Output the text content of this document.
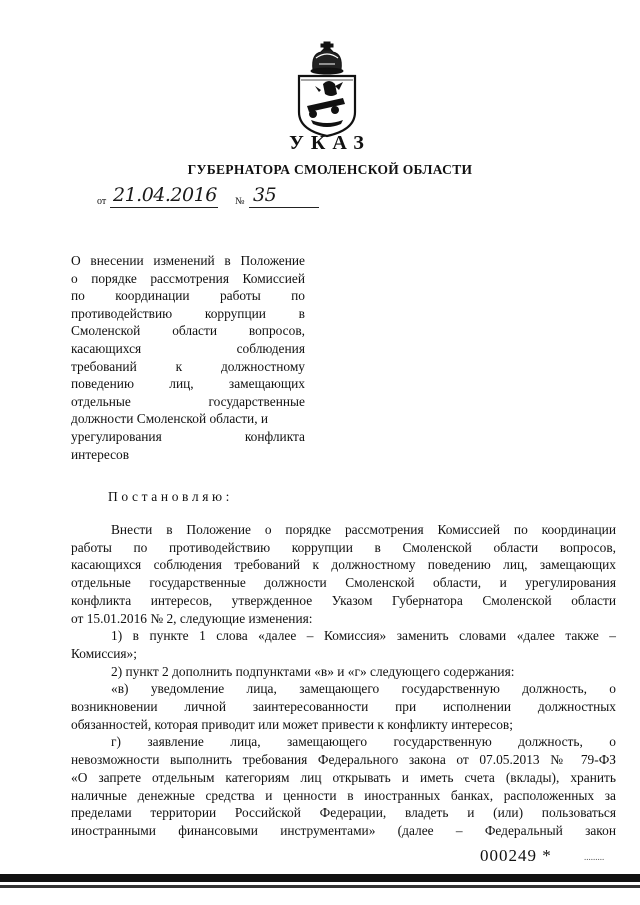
УКАЗ
ГУБЕРНАТОРА СМОЛЕНСКОЙ ОБЛАСТИ
от 21.04.2016 № 35
О внесении изменений в Положение
о порядке рассмотрения Комиссией
по координации работы по
противодействию коррупции в
Смоленской области вопросов,
касающихся соблюдения
требований к должностному
поведению лиц, замещающих
отдельные государственные
должности Смоленской области, и
урегулирования конфликта
интересов
Постановляю:
Внести в Положение о порядке рассмотрения Комиссией по координации
работы по противодействию коррупции в Смоленской области вопросов,
касающихся соблюдения требований к должностному поведению лиц, замещающих
отдельные государственные должности Смоленской области, и урегулирования
конфликта интересов, утвержденное Указом Губернатора Смоленской области
от 15.01.2016 № 2, следующие изменения:
1) в пункте 1 слова «далее – Комиссия» заменить словами «далее также –
Комиссия»;
2) пункт 2 дополнить подпунктами «в» и «г» следующего содержания:
«в) уведомление лица, замещающего государственную должность, о
возникновении личной заинтересованности при исполнении должностных
обязанностей, которая приводит или может привести к конфликту интересов;
г) заявление лица, замещающего государственную должность, о
невозможности выполнить требования Федерального закона от 07.05.2013 № 79-ФЗ
«О запрете отдельным категориям лиц открывать и иметь счета (вклады), хранить
наличные денежные средства и ценности в иностранных банках, расположенных за
пределами территории Российской Федерации, владеть и (или) пользоваться
иностранными финансовыми инструментами» (далее – Федеральный закон
000249 *	.........
